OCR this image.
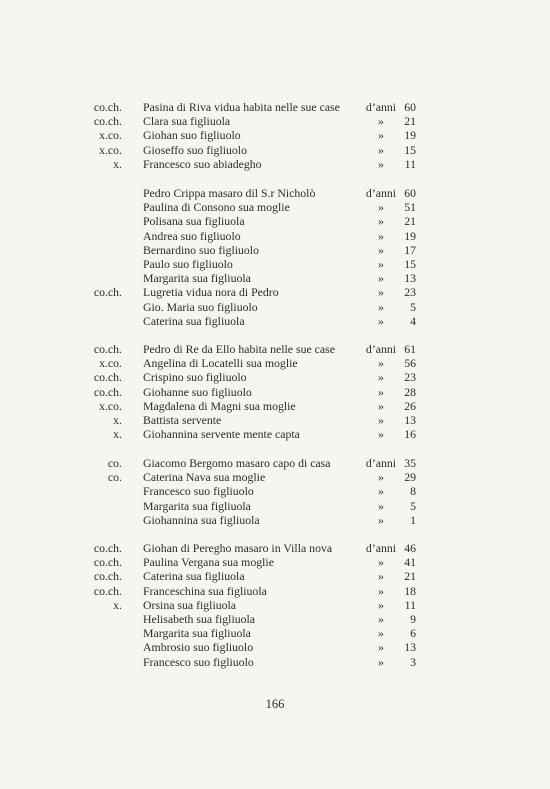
co.ch. Pasina di Riva vidua habita nelle sue case	d’anni 60
co.ch. Clara sua figliuola	»	21
x.co. Giohan suo figliuolo	»	19
x.co. Gioseffo suo figliuolo	»	15
x. Francesco suo abiadegho	»	11
Pedro Crippa masaro dil S.r Nicholò	d’anni 60
Paulina di Consono sua moglie	»	51
Polisana sua figliuola	»	21
Andrea suo figliuolo	»	19
Bernardino suo figliuolo	»	17
Paulo suo figliuolo	»	15
Margarita sua figliuola	»	13
co.ch. Lugretia vidua nora di Pedro	»	23
Gio. Maria suo figliuolo	»	5
Caterina sua figliuola	»	4
co.ch. Pedro di Re da Ello habita nelle sue case	d’anni 61
x.co. Angelina di Locatelli sua moglie	»	56
co.ch. Crispino suo figliuolo	»	23
co.ch. Giohanne suo figliuolo	»	28
x.co. Magdalena di Magni sua moglie	»	26
x. Battista servente	»	13
x. Giohannina servente mente capta	»	16
co. Giacomo Bergomo masaro capo di casa	d’anni 35
co. Caterina Nava sua moglie	»	29
Francesco suo figliuolo	»	8
Margarita sua figliuola	»	5
Giohannina sua figliuola	»	1
co.ch. Giohan di Peregho masaro in Villa nova	d’anni 46
co.ch. Paulina Vergana sua moglie	»	41
co.ch. Caterina sua figliuola	»	21
co.ch. Franceschina sua figliuola	»	18
x. Orsina sua figliuola	»	11
Helisabeth sua figliuola	»	9
Margarita sua figliuola	»	6
Ambrosio suo figliuolo	»	13
Francesco suo figliuolo	»	3
166
